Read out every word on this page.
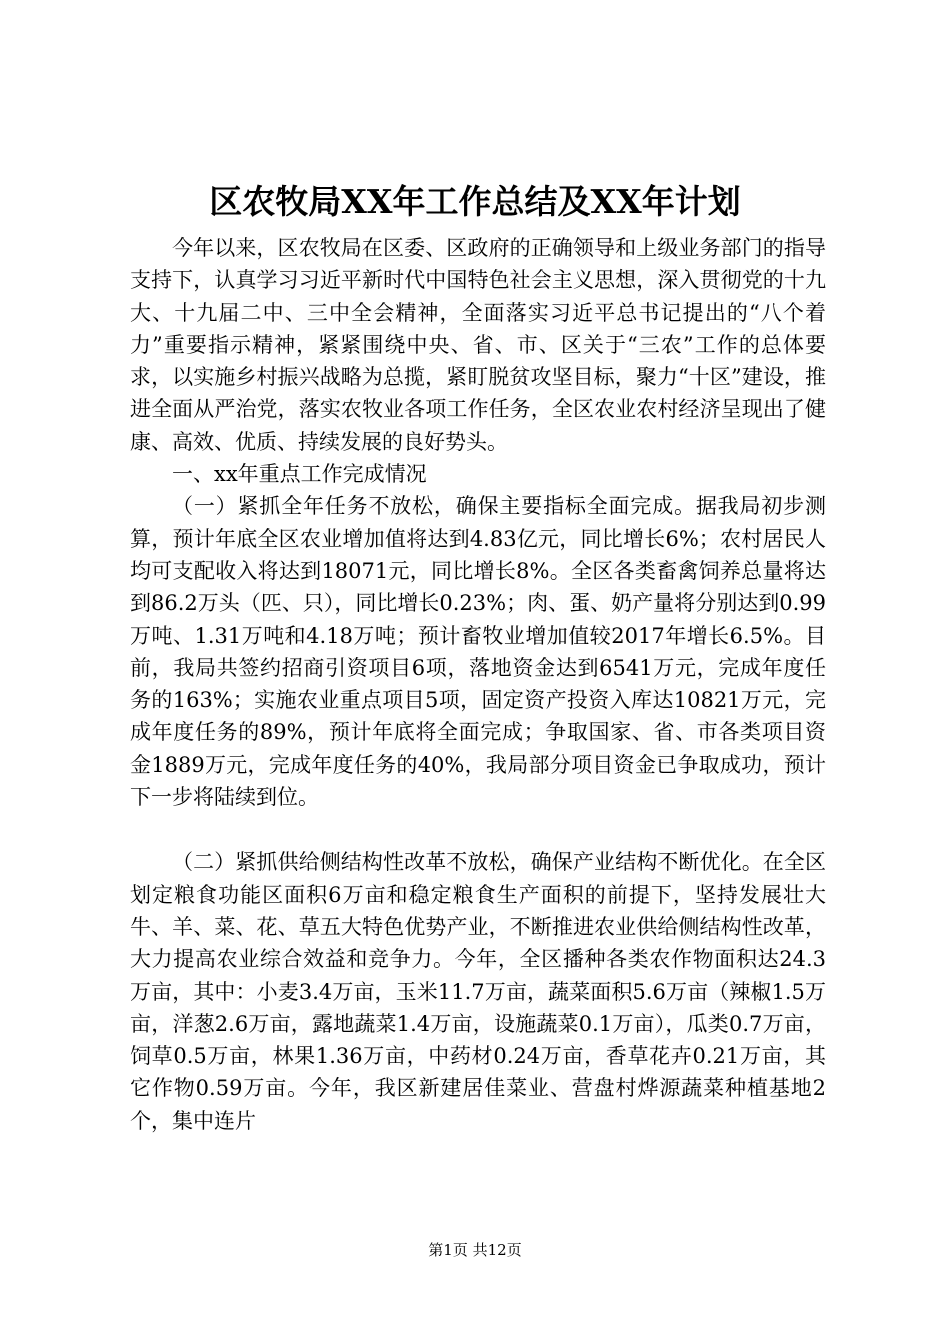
区农牧局XX年工作总结及XX年计划

今年以来，区农牧局在区委、区政府的正确领导和上级业务部门的指导支持下，认真学习习近平新时代中国特色社会主义思想，深入贯彻党的十九大、十九届二中、三中全会精神，全面落实习近平总书记提出的“八个着力”重要指示精神，紧紧围绕中央、省、市、区关于“三农”工作的总体要求，以实施乡村振兴战略为总揽，紧盯脱贫攻坚目标，聚力“十区”建设，推进全面从严治党，落实农牧业各项工作任务，全区农业农村经济呈现出了健康、高效、优质、持续发展的良好势头。

一、xx年重点工作完成情况

（一）紧抓全年任务不放松，确保主要指标全面完成。据我局初步测算，预计年底全区农业增加值将达到4.83亿元，同比增长6%；农村居民人均可支配收入将达到18071元，同比增长8%。全区各类畜禽饲养总量将达到86.2万头（匹、只），同比增长0.23%；肉、蛋、奶产量将分别达到0.99万吨、1.31万吨和4.18万吨；预计畜牧业增加值较2017年增长6.5%。目前，我局共签约招商引资项目6项，落地资金达到6541万元，完成年度任务的163%；实施农业重点项目5项，固定资产投资入库达10821万元，完成年度任务的89%，预计年底将全面完成；争取国家、省、市各类项目资金1889万元，完成年度任务的40%，我局部分项目资金已争取成功，预计下一步将陆续到位。

（二）紧抓供给侧结构性改革不放松，确保产业结构不断优化。在全区划定粮食功能区面积6万亩和稳定粮食生产面积的前提下，坚持发展壮大牛、羊、菜、花、草五大特色优势产业，不断推进农业供给侧结构性改革，大力提高农业综合效益和竞争力。今年，全区播种各类农作物面积达24.3万亩，其中：小麦3.4万亩，玉米11.7万亩，蔬菜面积5.6万亩（辣椒1.5万亩，洋葱2.6万亩，露地蔬菜1.4万亩，设施蔬菜0.1万亩），瓜类0.7万亩，饲草0.5万亩，林果1.36万亩，中药材0.24万亩，香草花卉0.21万亩，其它作物0.59万亩。今年，我区新建居佳菜业、营盘村烨源蔬菜种植基地2个，集中连片

第1页 共12页
